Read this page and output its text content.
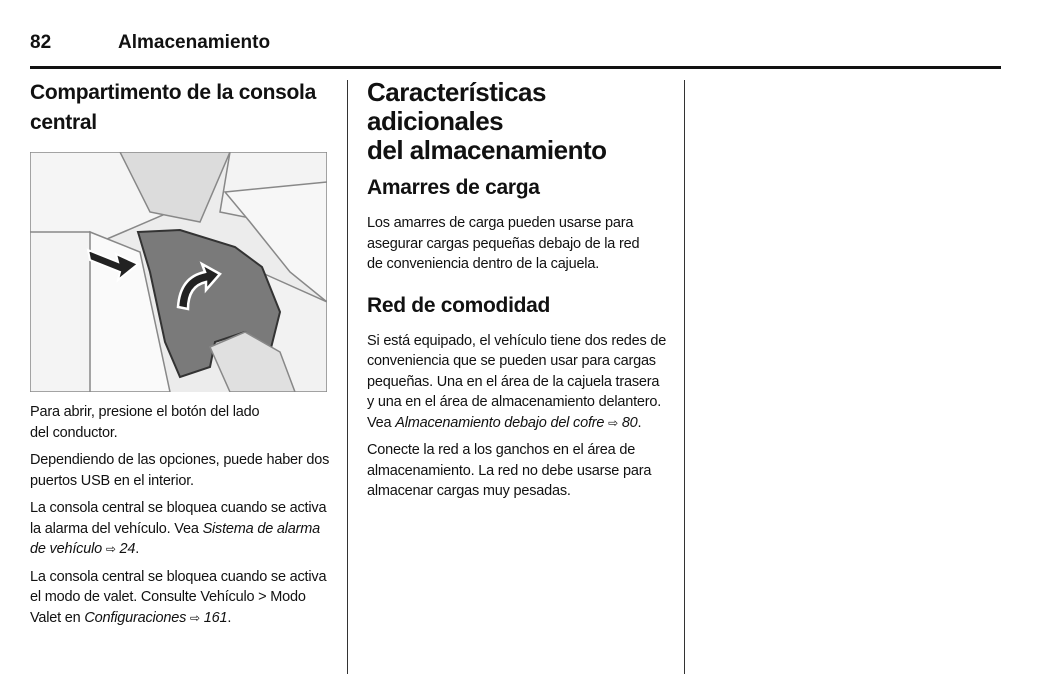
82	Almacenamiento
Compartimento de la consola
central

Para abrir, presione el botón del lado
del conductor.

Dependiendo de las opciones, puede haber dos
puertos USB en el interior.

La consola central se bloquea cuando se activa
la alarma del vehículo. Vea Sistema de alarma
de vehículo ⇨ 24.

La consola central se bloquea cuando se activa
el modo de valet. Consulte Vehículo > Modo
Valet en Configuraciones ⇨ 161.

Características adicionales
del almacenamiento
Amarres de carga

Los amarres de carga pueden usarse para
asegurar cargas pequeñas debajo de la red
de conveniencia dentro de la cajuela.

Red de comodidad

Si está equipado, el vehículo tiene dos redes de
conveniencia que se pueden usar para cargas
pequeñas. Una en el área de la cajuela trasera
y una en el área de almacenamiento delantero.
Vea Almacenamiento debajo del cofre ⇨ 80.

Conecte la red a los ganchos en el área de
almacenamiento. La red no debe usarse para
almacenar cargas muy pesadas.
